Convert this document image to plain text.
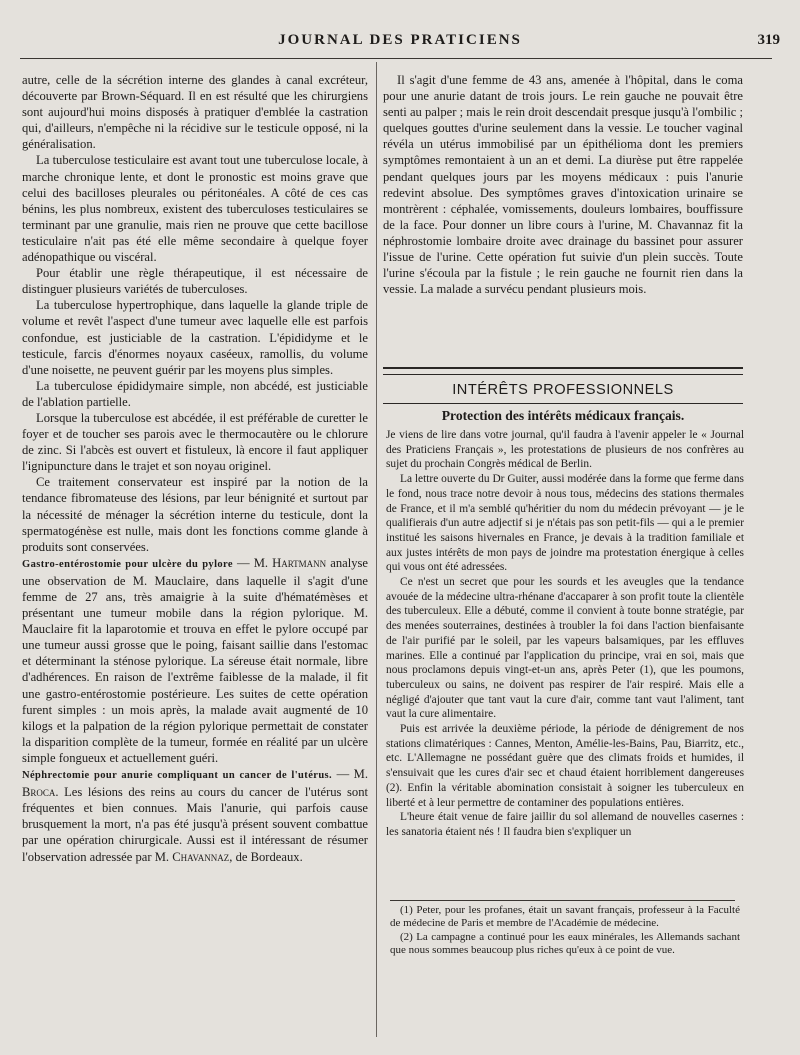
JOURNAL DES PRATICIENS	319

autre, celle de la sécrétion interne des glandes à canal excréteur, découverte par Brown-Séquard. Il en est résulté que les chirurgiens sont aujourd'hui moins disposés à pratiquer d'emblée la castration qui, d'ailleurs, n'empêche ni la récidive sur le testicule opposé, ni la généralisation.

La tuberculose testiculaire est avant tout une tuberculose locale, à marche chronique lente, et dont le pronostic est moins grave que celui des bacilloses pleurales ou péritonéales. A côté de ces cas bénins, les plus nombreux, existent des tuberculoses testiculaires se terminant par une granulie, mais rien ne prouve que cette bacillose testiculaire n'ait pas été elle même secondaire à quelque foyer adénopathique ou viscéral.

Pour établir une règle thérapeutique, il est nécessaire de distinguer plusieurs variétés de tuberculoses.

La tuberculose hypertrophique, dans laquelle la glande triple de volume et revêt l'aspect d'une tumeur avec laquelle elle est parfois confondue, est justiciable de la castration. L'épididyme et le testicule, farcis d'énormes noyaux caséeux, ramollis, du volume d'une noisette, ne peuvent guérir par les moyens plus simples.

La tuberculose épididymaire simple, non abcédé, est justiciable de l'ablation partielle.

Lorsque la tuberculose est abcédée, il est préférable de curetter le foyer et de toucher ses parois avec le thermocautère ou le chlorure de zinc. Si l'abcès est ouvert et fistuleux, là encore il faut appliquer l'ignipuncture dans le trajet et son noyau originel.

Ce traitement conservateur est inspiré par la notion de la tendance fibromateuse des lésions, par leur bénignité et surtout par la nécessité de ménager la sécrétion interne du testicule, dont la spermatogénèse est nulle, mais dont les fonctions comme glande à produits sont conservées.

Gastro-entérostomie pour ulcère du pylore — M. Hartmann analyse une observation de M. Mauclaire, dans laquelle il s'agit d'une femme de 27 ans, très amaigrie à la suite d'hématémèses et présentant une tumeur mobile dans la région pylorique. M. Mauclaire fit la laparotomie et trouva en effet le pylore occupé par une tumeur aussi grosse que le poing, faisant saillie dans l'estomac et déterminant la sténose pylorique. La séreuse était normale, libre d'adhérences. En raison de l'extrême faiblesse de la malade, il fit une gastro-entérostomie postérieure. Les suites de cette opération furent simples : un mois après, la malade avait augmenté de 10 kilogs et la palpation de la région pylorique permettait de constater la disparition complète de la tumeur, formée en réalité par un ulcère simple fongueux et actuellement guéri.

Néphrectomie pour anurie compliquant un cancer de l'utérus. — M. Broca. Les lésions des reins au cours du cancer de l'utérus sont fréquentes et bien connues. Mais l'anurie, qui parfois cause brusquement la mort, n'a pas été jusqu'à présent souvent combattue par une opération chirurgicale. Aussi est il intéressant de résumer l'observation adressée par M. Chavannaz, de Bordeaux.

Il s'agit d'une femme de 43 ans, amenée à l'hôpital, dans le coma pour une anurie datant de trois jours. Le rein gauche ne pouvait être senti au palper ; mais le rein droit descendait presque jusqu'à l'ombilic ; quelques gouttes d'urine seulement dans la vessie. Le toucher vaginal révéla un utérus immobilisé par un épithélioma dont les premiers symptômes remontaient à un an et demi. La diurèse put être rappelée pendant quelques jours par les moyens médicaux : puis l'anurie redevint absolue. Des symptômes graves d'intoxication urinaire se montrèrent : céphalée, vomissements, douleurs lombaires, bouffissure de la face. Pour donner un libre cours à l'urine, M. Chavannaz fit la néphrostomie lombaire droite avec drainage du bassinet pour assurer l'issue de l'urine. Cette opération fut suivie d'un plein succès. Toute l'urine s'écoula par la fistule ; le rein gauche ne fournit rien dans la vessie. La malade a survécu pendant plusieurs mois.

INTÉRÊTS PROFESSIONNELS
Protection des intérêts médicaux français.

Je viens de lire dans votre journal, qu'il faudra à l'avenir appeler le « Journal des Praticiens Français », les protestations de plusieurs de nos confrères au sujet du prochain Congrès médical de Berlin.

La lettre ouverte du Dr Guiter, aussi modérée dans la forme que ferme dans le fond, nous trace notre devoir à nous tous, médecins des stations thermales de France, et il m'a semblé qu'héritier du nom du médecin prévoyant — je le qualifierais d'un autre adjectif si je n'étais pas son petit-fils — qui a le premier institué les saisons hivernales en France, je devais à la tradition familiale et aux justes intérêts de mon pays de joindre ma protestation énergique à celles qui vous ont été adressées.

Ce n'est un secret que pour les sourds et les aveugles que la tendance avouée de la médecine ultra-rhénane d'accaparer à son profit toute la clientèle des tuberculeux. Elle a débuté, comme il convient à toute bonne stratégie, par des menées souterraines, destinées à troubler la foi dans l'action bienfaisante de l'air purifié par le soleil, par les vapeurs balsamiques, par les effluves marines. Elle a continué par l'application du principe, vrai en soi, mais que nous proclamons depuis vingt-et-un ans, après Peter (1), que les poumons, tuberculeux ou sains, ne doivent pas respirer de l'air respiré. Mais elle a négligé d'ajouter que tant vaut la cure d'air, comme tant vaut l'aliment, tant vaut la cure alimentaire.

Puis est arrivée la deuxième période, la période de dénigrement de nos stations climatériques : Cannes, Menton, Amélie-les-Bains, Pau, Biarritz, etc., etc. L'Allemagne ne possédant guère que des climats froids et humides, il s'ensuivait que les cures d'air sec et chaud étaient horriblement dangereuses (2). Enfin la véritable abomination consistait à soigner les tuberculeux en liberté et à leur permettre de contaminer des populations entières.

L'heure était venue de faire jaillir du sol allemand de nouvelles casernes : les sanatoria étaient nés ! Il faudra bien s'expliquer un

(1) Peter, pour les profanes, était un savant français, professeur à la Faculté de médecine de Paris et membre de l'Académie de médecine.

(2) La campagne a continué pour les eaux minérales, les Allemands sachant que nous sommes beaucoup plus riches qu'eux à ce point de vue.
